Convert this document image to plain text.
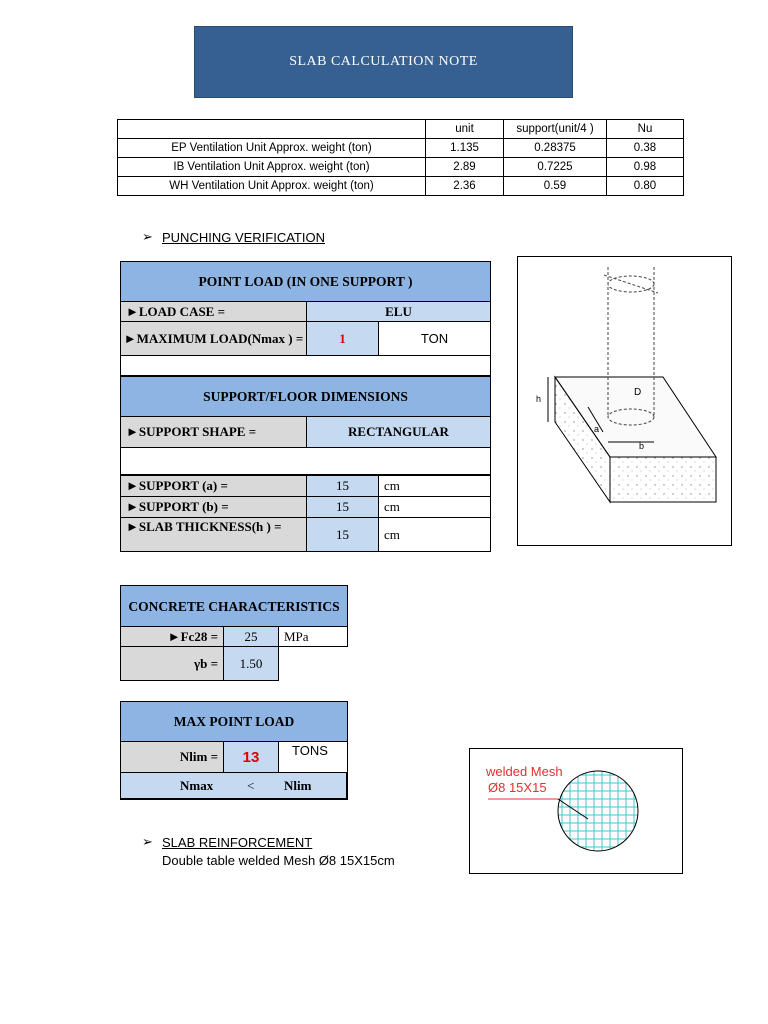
SLAB CALCULATION NOTE
	unit	support(unit/4 )	Nu
EP Ventilation Unit Approx. weight (ton)	1.135	0.28375	0.38
IB Ventilation Unit Approx. weight (ton)	2.89	0.7225	0.98
WH Ventilation Unit Approx. weight (ton)	2.36	0.59	0.80
➢ PUNCHING VERIFICATION
POINT LOAD (IN ONE SUPPORT )
►LOAD CASE =	ELU
►MAXIMUM LOAD(Nmax ) =	1	TON
SUPPORT/FLOOR DIMENSIONS
►SUPPORT SHAPE =	RECTANGULAR
►SUPPORT (a) =	15	cm
►SUPPORT (b) =	15	cm
►SLAB THICKNESS(h ) =	15	cm
D
h
a
b
CONCRETE CHARACTERISTICS
►Fc28 =	25	MPa
γb =	1.50
MAX POINT LOAD
Nlim =	13	TONS
Nmax	< Nlim
welded Mesh
Ø8 15X15
➢ SLAB REINFORCEMENT
Double table welded Mesh Ø8 15X15cm
